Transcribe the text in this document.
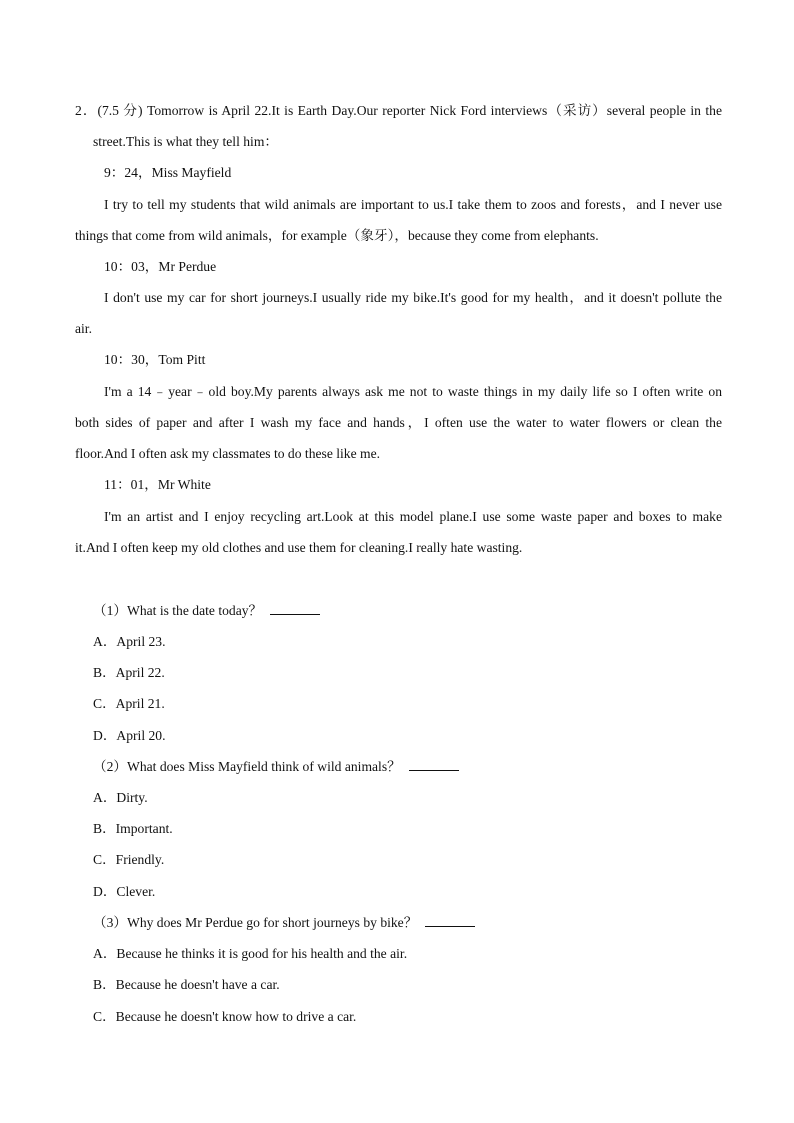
2．(7.5 分) Tomorrow is April 22.It is Earth Day.Our reporter Nick Ford interviews（采访）several people in the
street.This is what they tell him：
9：24，Miss Mayfield
I try to tell my students that wild animals are important to us.I take them to zoos and forests，and I never use
things that come from wild animals，for example（象牙），because they come from elephants.
10：03，Mr Perdue
I don't use my car for short journeys.I usually ride my bike.It's good for my health，and it doesn't pollute the
air.
10：30，Tom Pitt
I'm a 14﹣year﹣old boy.My parents always ask me not to waste things in my daily life so I often write on
both sides of paper and after I wash my face and hands，I often use the water to water flowers or clean the
floor.And I often ask my classmates to do these like me.
11：01，Mr White
I'm an artist and I enjoy recycling art.Look at this model plane.I use some waste paper and boxes to make
it.And I often keep my old clothes and use them for cleaning.I really hate wasting.
（1）What is the date today？
A．April 23.
B．April 22.
C．April 21.
D．April 20.
（2）What does Miss Mayfield think of wild animals？
A．Dirty.
B．Important.
C．Friendly.
D．Clever.
（3）Why does Mr Perdue go for short journeys by bike？
A．Because he thinks it is good for his health and the air.
B．Because he doesn't have a car.
C．Because he doesn't know how to drive a car.
